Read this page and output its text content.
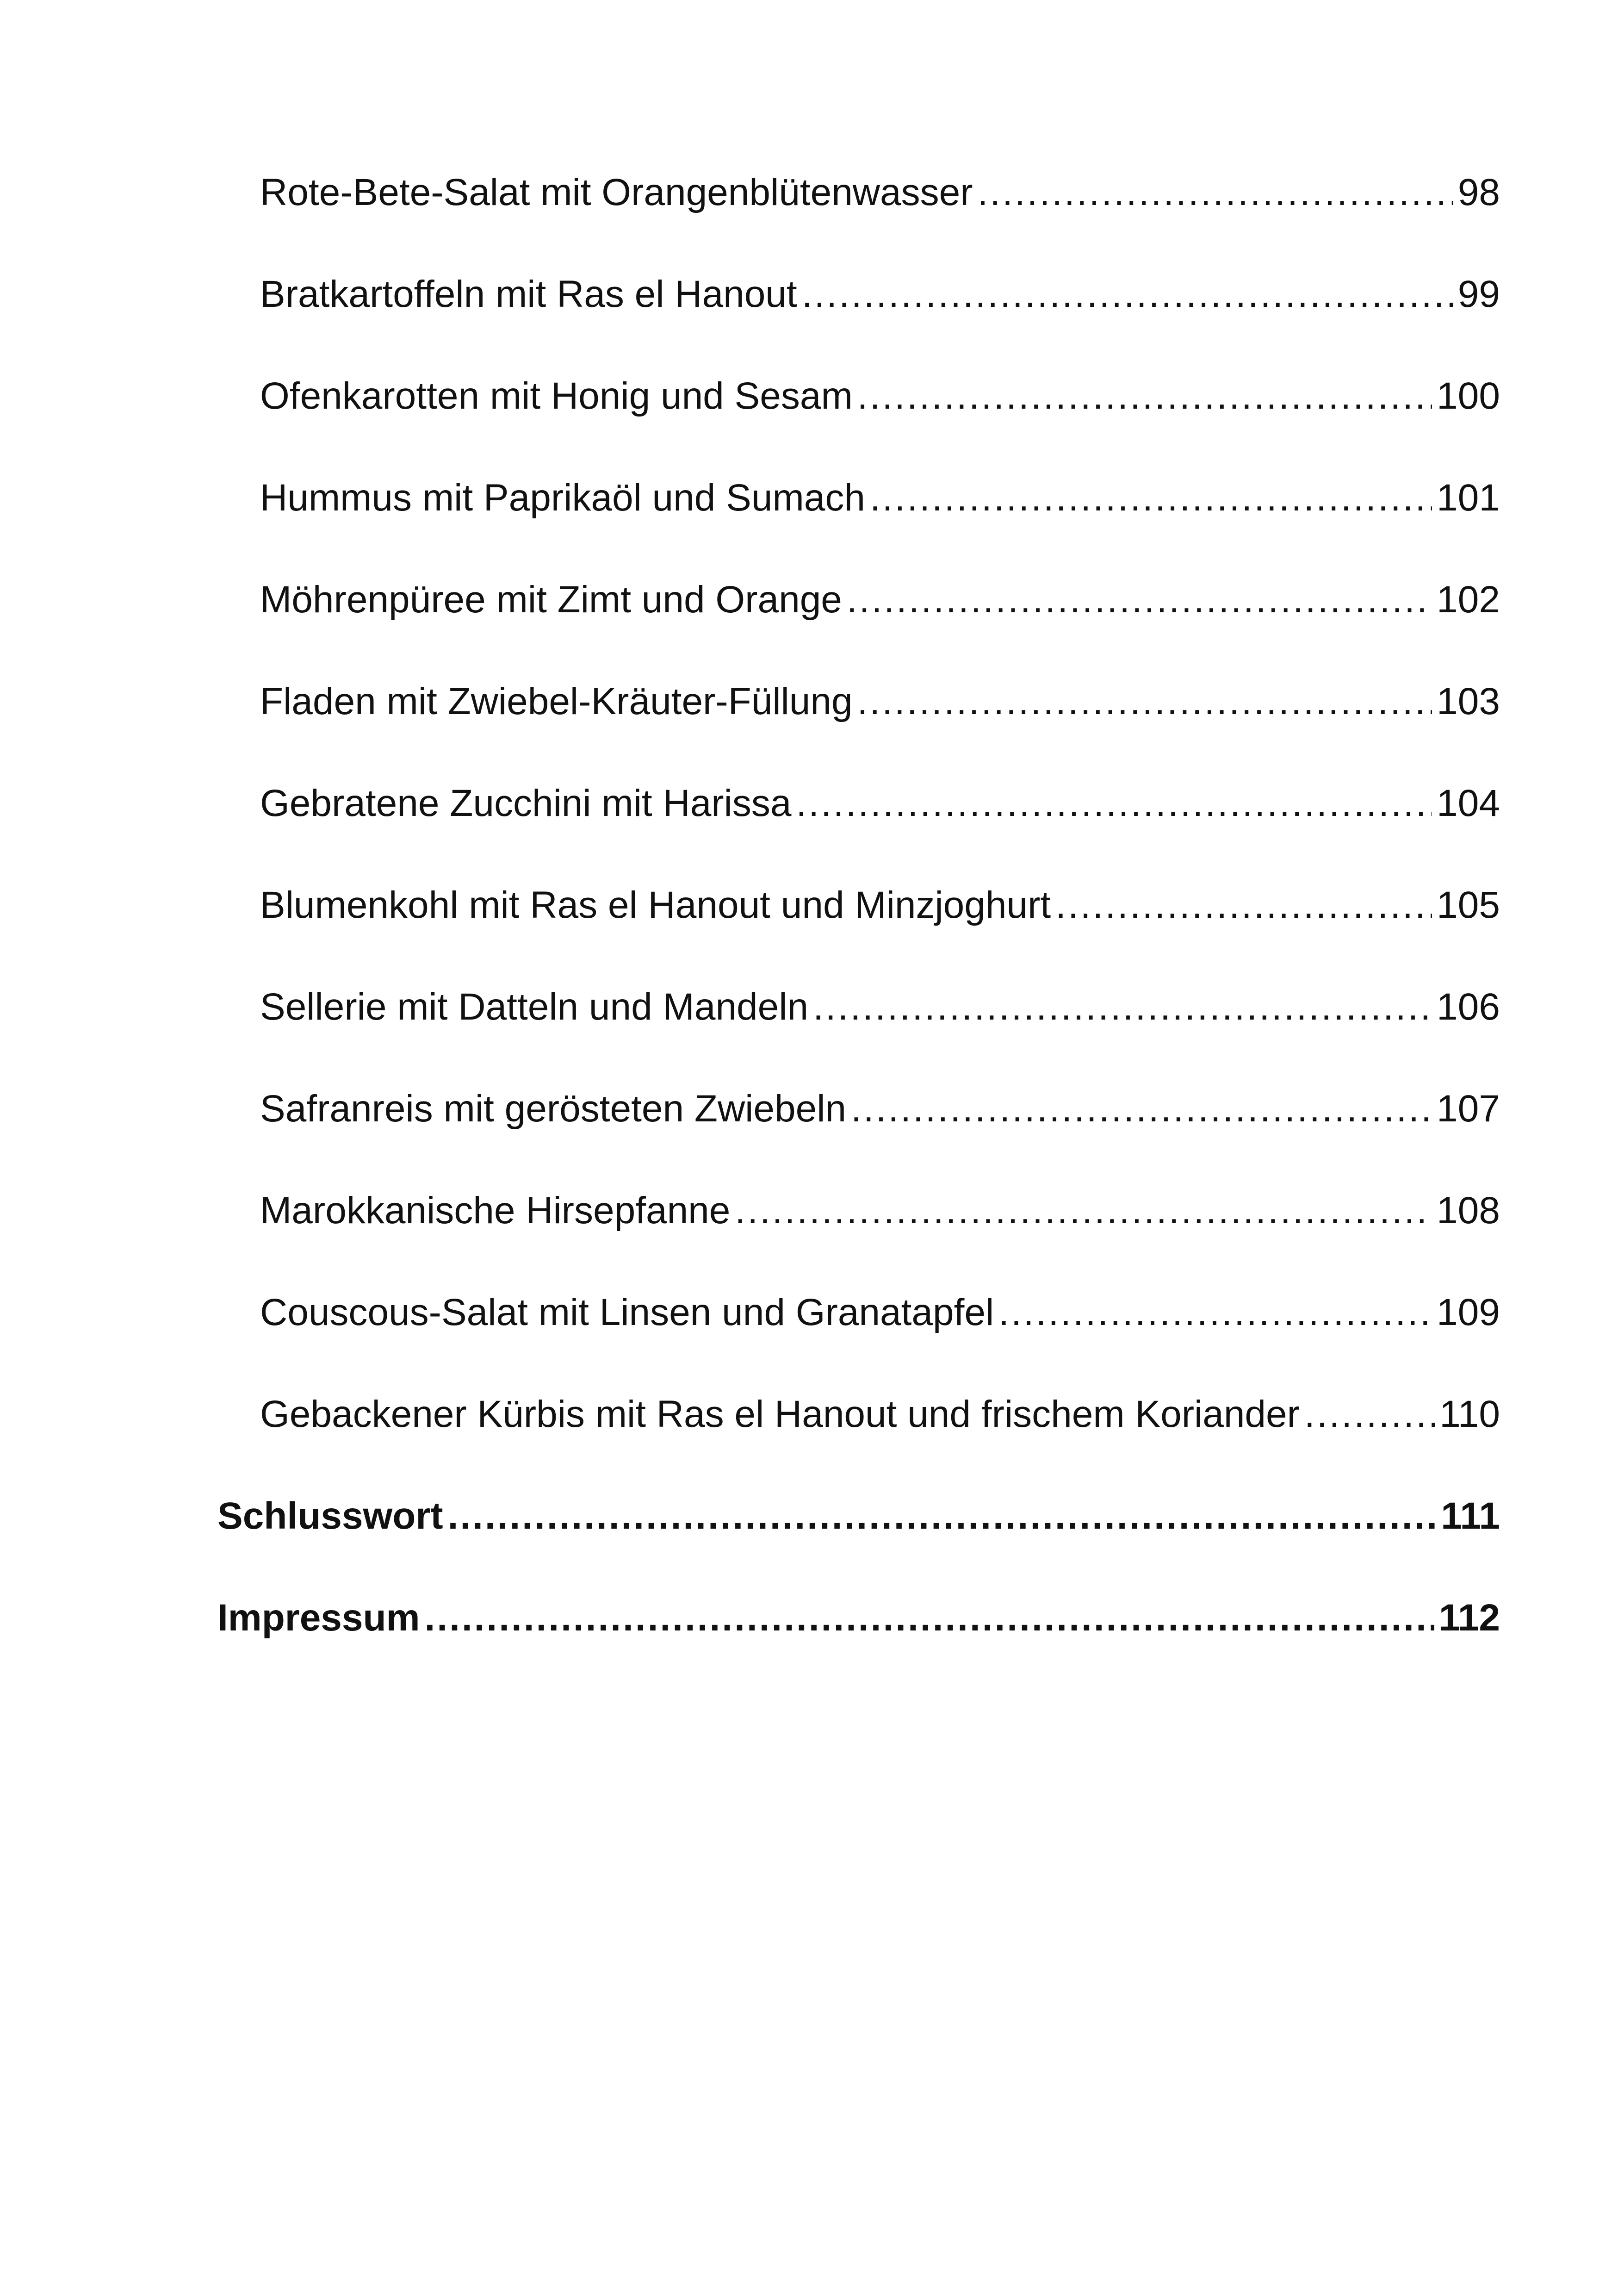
Rote-Bete-Salat mit Orangenblütenwasser .....	98
Bratkartoffeln mit Ras el Hanout .....	99
Ofenkarotten mit Honig und Sesam .....	100
Hummus mit Paprikaöl und Sumach .....	101
Möhrenpüree mit Zimt und Orange .....	102
Fladen mit Zwiebel-Kräuter-Füllung .....	103
Gebratene Zucchini mit Harissa .....	104
Blumenkohl mit Ras el Hanout und Minzjoghurt .....	105
Sellerie mit Datteln und Mandeln .....	106
Safranreis mit gerösteten Zwiebeln .....	107
Marokkanische Hirsepfanne .....	108
Couscous-Salat mit Linsen und Granatapfel .....	109
Gebackener Kürbis mit Ras el Hanout und frischem Koriander .....	110
Schlusswort .....	111
Impressum .....	112
